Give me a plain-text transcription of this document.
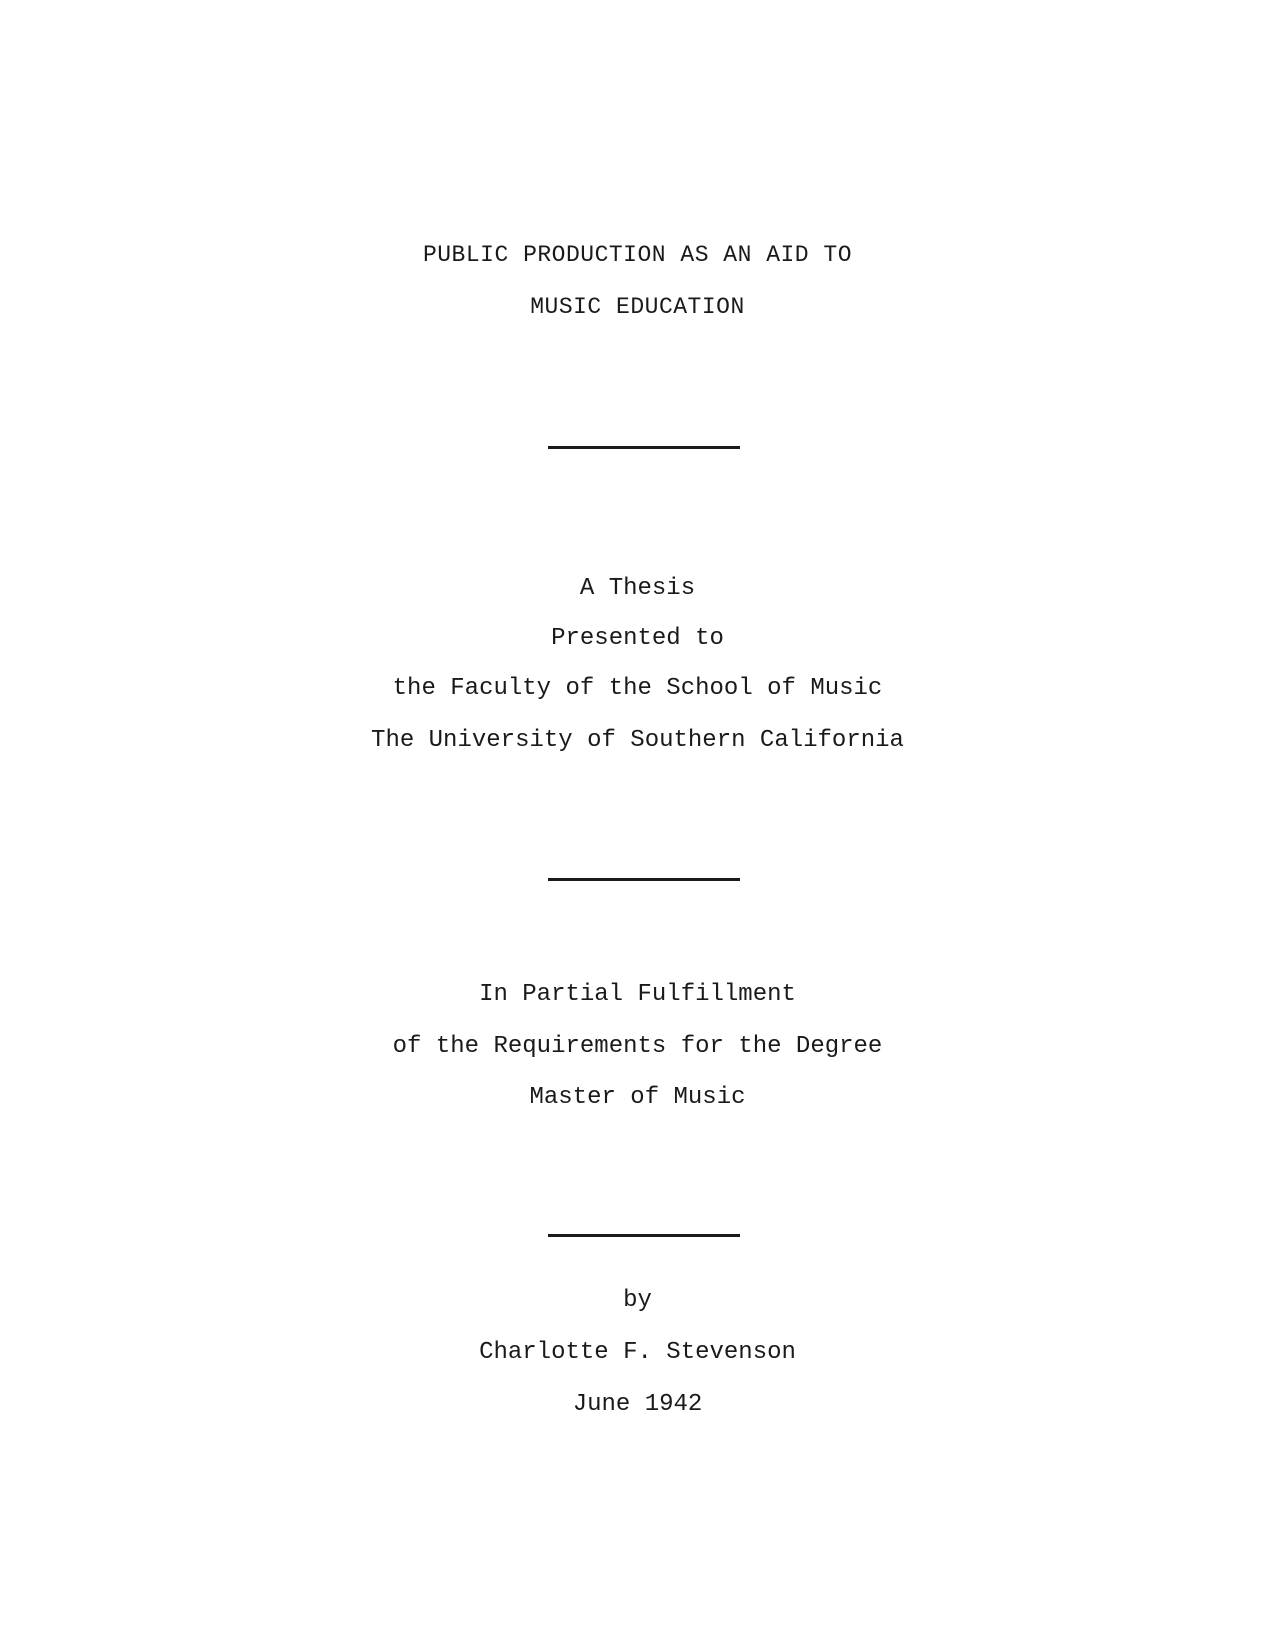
PUBLIC PRODUCTION AS AN AID TO
MUSIC EDUCATION
A Thesis
Presented to
the Faculty of the School of Music
The University of Southern California
In Partial Fulfillment
of the Requirements for the Degree
Master of Music
by
Charlotte F. Stevenson
June 1942
